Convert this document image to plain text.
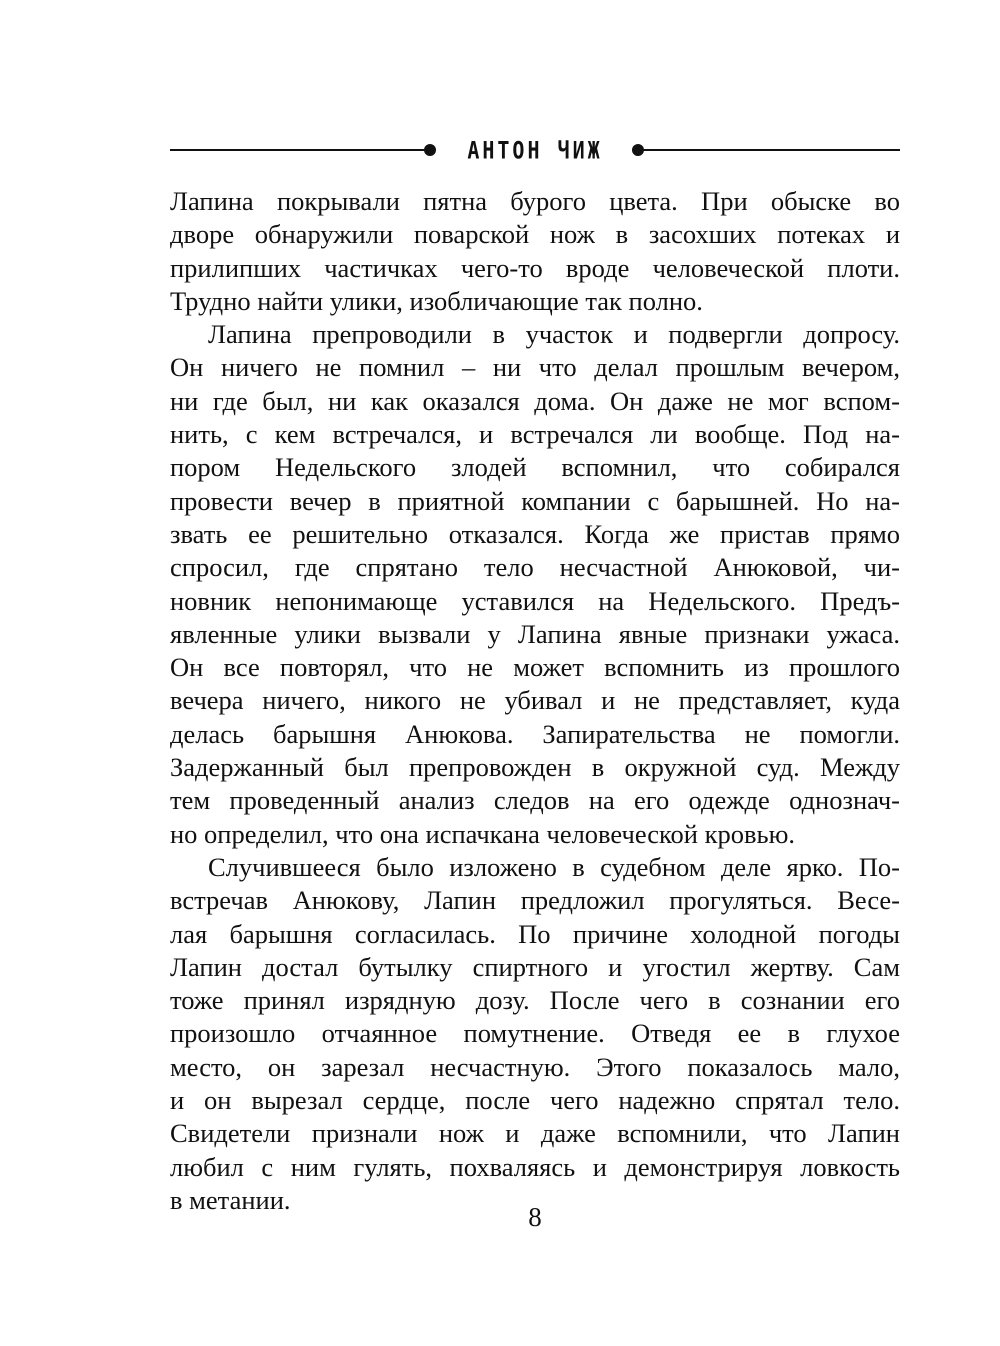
АНТОН ЧИЖ
Лапина покрывали пятна бурого цвета. При обыске во
дворе обнаружили поварской нож в засохших потеках и
прилипших частичках чего-то вроде человеческой плоти.
Трудно найти улики, изобличающие так полно.
Лапина препроводили в участок и подвергли допросу.
Он ничего не помнил – ни что делал прошлым вечером,
ни где был, ни как оказался дома. Он даже не мог вспом-
нить, с кем встречался, и встречался ли вообще. Под на-
пором Недельского злодей вспомнил, что собирался
провести вечер в приятной компании с барышней. Но на-
звать ее решительно отказался. Когда же пристав прямо
спросил, где спрятано тело несчастной Анюковой, чи-
новник непонимающе уставился на Недельского. Предъ-
явленные улики вызвали у Лапина явные признаки ужаса.
Он все повторял, что не может вспомнить из прошлого
вечера ничего, никого не убивал и не представляет, куда
делась барышня Анюкова. Запирательства не помогли.
Задержанный был препровожден в окружной суд. Между
тем проведенный анализ следов на его одежде однознач-
но определил, что она испачкана человеческой кровью.
Случившееся было изложено в судебном деле ярко. По-
встречав Анюкову, Лапин предложил прогуляться. Весе-
лая барышня согласилась. По причине холодной погоды
Лапин достал бутылку спиртного и угостил жертву. Сам
тоже принял изрядную дозу. После чего в сознании его
произошло отчаянное помутнение. Отведя ее в глухое
место, он зарезал несчастную. Этого показалось мало,
и он вырезал сердце, после чего надежно спрятал тело.
Свидетели признали нож и даже вспомнили, что Лапин
любил с ним гулять, похваляясь и демонстрируя ловкость
в метании.
8
